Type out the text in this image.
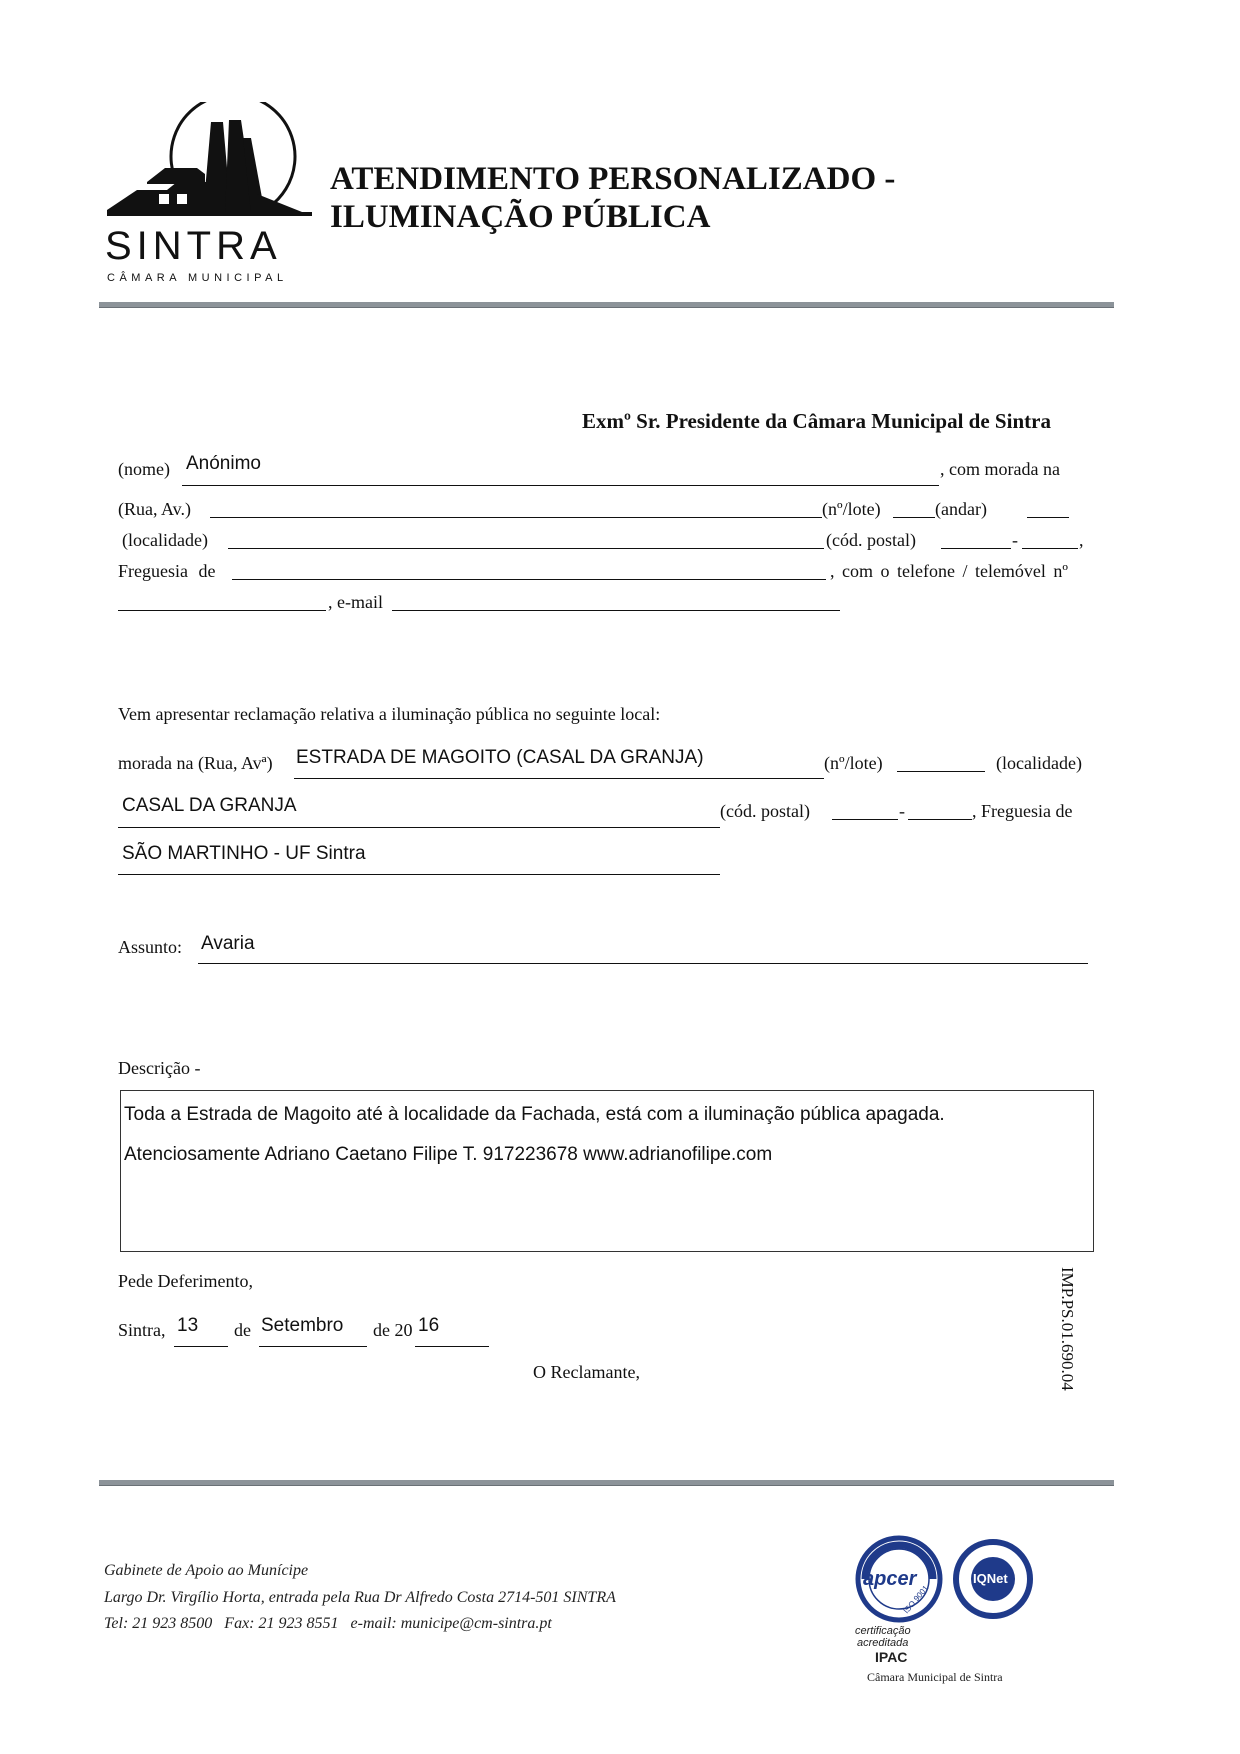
SINTRA
CÂMARA MUNICIPAL
ATENDIMENTO PERSONALIZADO -
ILUMINAÇÃO PÚBLICA
Exmº Sr. Presidente da Câmara Municipal de Sintra
(nome) Anónimo	, com morada na
(Rua, Av.)	(nº/lote)	(andar)
(localidade)	(cód. postal)	-	,
Freguesia de	, com o telefone / telemóvel nº
, e-mail
Vem apresentar reclamação relativa a iluminação pública no seguinte local:
morada na (Rua, Avª) ESTRADA DE MAGOITO (CASAL DA GRANJA)	(nº/lote)	(localidade)
CASAL DA GRANJA	(cód. postal)	-	, Freguesia de
SÃO MARTINHO - UF Sintra
Assunto: Avaria
Descrição -
Toda a Estrada de Magoito até à localidade da Fachada, está com a iluminação pública apagada.
Atenciosamente Adriano Caetano Filipe T. 917223678 www.adrianofilipe.com
Pede Deferimento,
Sintra, 13 de Setembro de 20 16
O Reclamante,	IMP.PS.01.690.04
Gabinete de Apoio ao Munícipe
Largo Dr. Virgílio Horta, entrada pela Rua Dr Alfredo Costa 2714-501 SINTRA
Tel: 21 923 8500   Fax: 21 923 8551   e-mail: municipe@cm-sintra.pt
apcer
ISO 9001
IQNet
certificação
acreditada
IPAC
Câmara Municipal de Sintra
